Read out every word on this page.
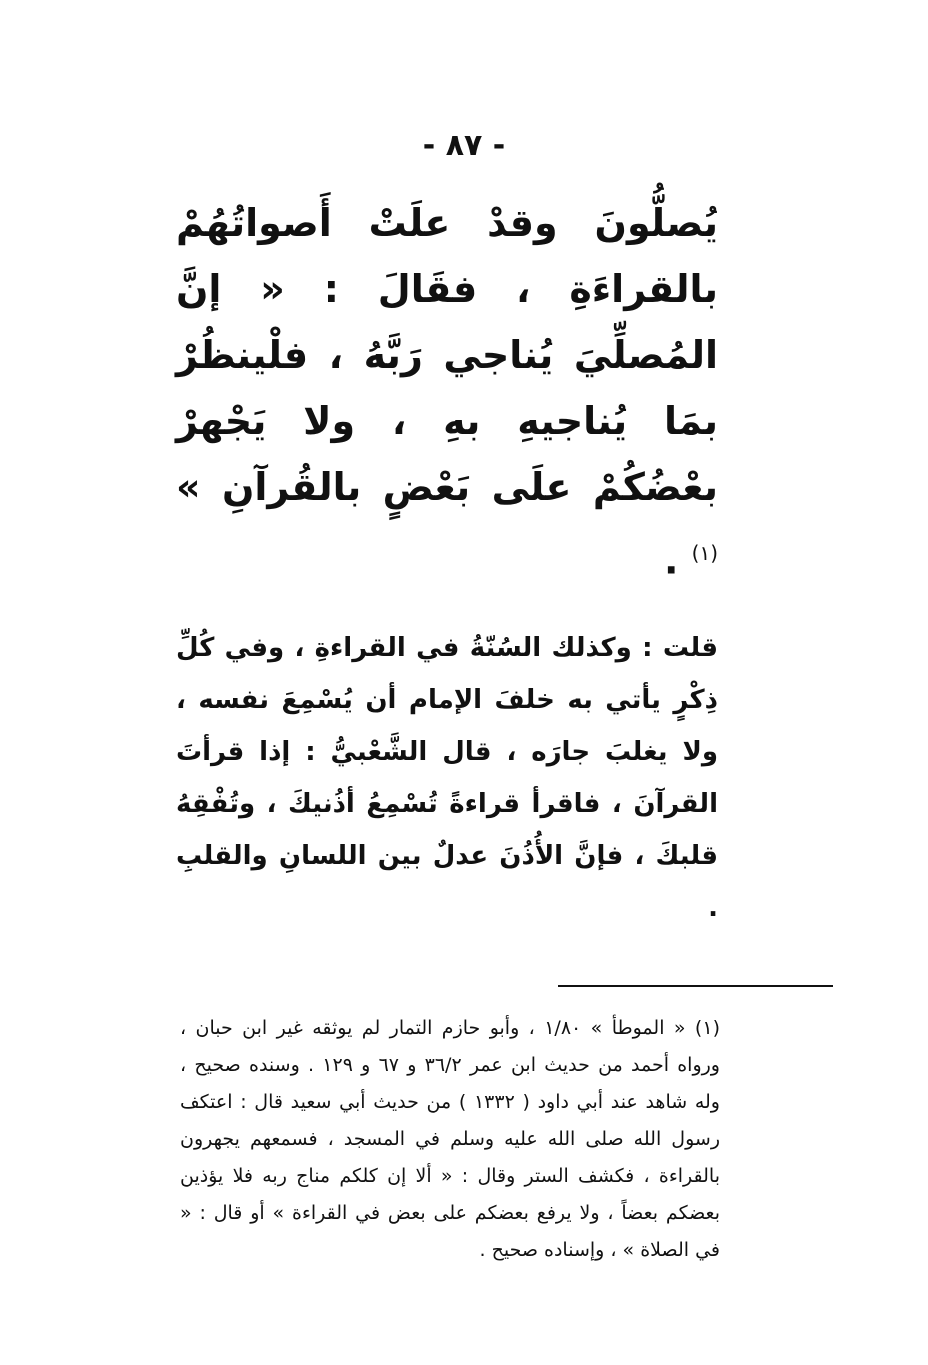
- ٨٧ -

يُصلُّونَ وقدْ علَتْ أَصواتُهُمْ بالقراءَةِ ، فقَالَ : « إنَّ المُصلِّيَ يُناجي رَبَّهُ ، فلْينظُرْ بمَا يُناجيهِ بهِ ، ولا يَجْهرْ بعْضُكُمْ علَى بَعْضٍ بالقُرآنِ » $^{(١)}$ .

قلت : وكذلك السُنّةُ في القراءةِ ، وفي كُلِّ ذِكْرٍ يأتي به خلفَ الإمام أن يُسْمِعَ نفسه ، ولا يغلبَ جارَه ، قال الشَّعْبيُّ : إذا قرأتَ القرآنَ ، فاقرأ قراءةً تُسْمِعُ أذُنيكَ ، وتُفْقِهُ قلبكَ ، فإنَّ الأُذُنَ عدلٌ بين اللسانِ والقلبِ .

(١) « الموطأ » ١/٨٠ ، وأبو حازم التمار لم يوثقه غير ابن حبان ، ورواه أحمد من حديث ابن عمر ٣٦/٢ و ٦٧ و ١٢٩ . وسنده صحيح ، وله شاهد عند أبي داود ( ١٣٣٢ ) من حديث أبي سعيد قال : اعتكف رسول الله صلى الله عليه وسلم في المسجد ، فسمعهم يجهرون بالقراءة ، فكشف الستر وقال : « ألا إن كلكم مناج ربه فلا يؤذين بعضكم بعضاً ، ولا يرفع بعضكم على بعض في القراءة » أو قال : « في الصلاة » ، وإسناده صحيح .
